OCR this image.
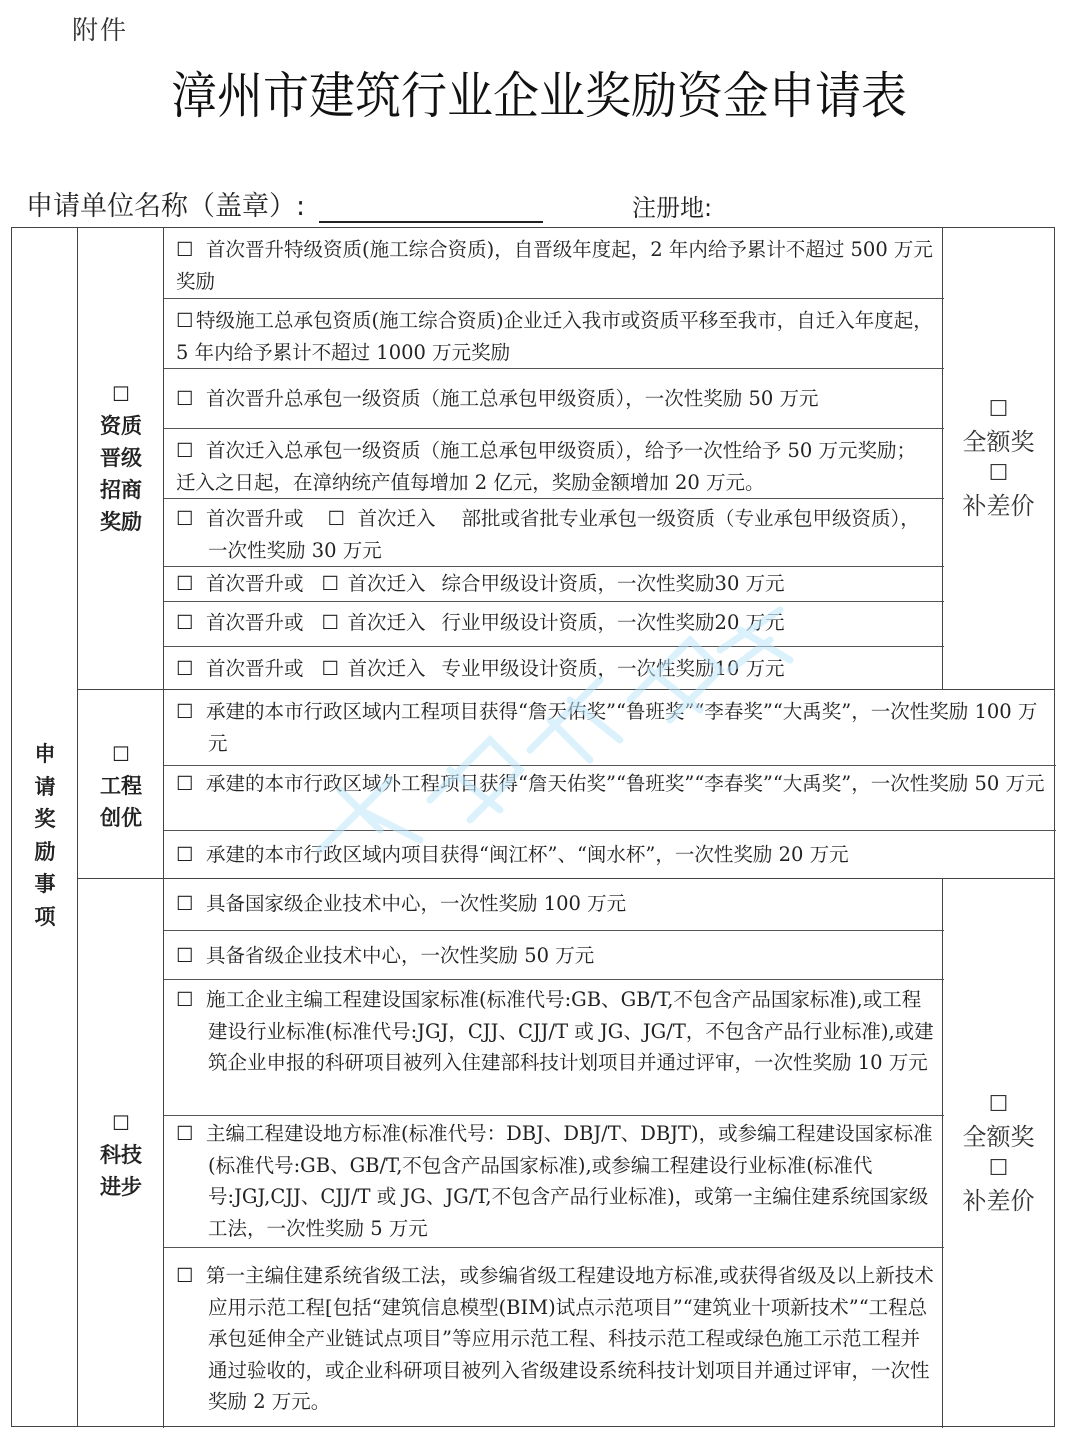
附件
漳州市建筑行业企业奖励资金申请表
申请单位名称（盖章）:	注册地:
申
请
奖
励
事
项
☐
资质
晋级
招商
奖励
☐ 首次晋升特级资质(施工综合资质)，自晋级年度起，2 年内给予累计不超过 500 万元奖励
☐ 特级施工总承包资质(施工综合资质)企业迁入我市或资质平移至我市，自迁入年度起，5 年内给予累计不超过 1000 万元奖励
☐ 首次晋升总承包一级资质（施工总承包甲级资质），一次性奖励 50 万元
☐ 首次迁入总承包一级资质（施工总承包甲级资质），给予一次性给予 50 万元奖励；迁入之日起，在漳纳统产值每增加 2 亿元，奖励金额增加 20 万元。
☐ 首次晋升或 ☐ 首次迁入 部批或省批专业承包一级资质（专业承包甲级资质），一次性奖励 30 万元
☐ 首次晋升或 ☐ 首次迁入 综合甲级设计资质，一次性奖励30 万元
☐ 首次晋升或 ☐ 首次迁入 行业甲级设计资质，一次性奖励20 万元
☐ 首次晋升或 ☐ 首次迁入 专业甲级设计资质，一次性奖励10 万元
☐
全额奖
☐
补差价
☐
工程
创优
☐ 承建的本市行政区域内工程项目获得“詹天佑奖”“鲁班奖”“李春奖”“大禹奖”，一次性奖励 100 万元
☐ 承建的本市行政区域外工程项目获得“詹天佑奖”“鲁班奖”“李春奖”“大禹奖”，一次性奖励 50 万元
☐ 承建的本市行政区域内项目获得“闽江杯”、“闽水杯”，一次性奖励 20 万元
☐
科技
进步
☐ 具备国家级企业技术中心，一次性奖励 100 万元
☐ 具备省级企业技术中心，一次性奖励 50 万元
☐ 施工企业主编工程建设国家标准(标准代号:GB、GB/T,不包含产品国家标准),或工程建设行业标准(标准代号:JGJ，CJJ、CJJ/T 或 JG、JG/T，不包含产品行业标准),或建筑企业申报的科研项目被列入住建部科技计划项目并通过评审，一次性奖励 10 万元
☐ 主编工程建设地方标准(标准代号：DBJ、DBJ/T、DBJT)，或参编工程建设国家标准(标准代号:GB、GB/T,不包含产品国家标准),或参编工程建设行业标准(标准代号:JGJ,CJJ、CJJ/T 或 JG、JG/T,不包含产品行业标准)，或第一主编住建系统国家级工法，一次性奖励 5 万元
☐ 第一主编住建系统省级工法，或参编省级工程建设地方标准,或获得省级及以上新技术应用示范工程[包括“建筑信息模型(BIM)试点示范项目”“建筑业十项新技术”“工程总承包延伸全产业链试点项目”等应用示范工程、科技示范工程或绿色施工示范工程并通过验收的，或企业科研项目被列入省级建设系统科技计划项目并通过评审，一次性奖励 2 万元。
☐
全额奖
☐
补差价
